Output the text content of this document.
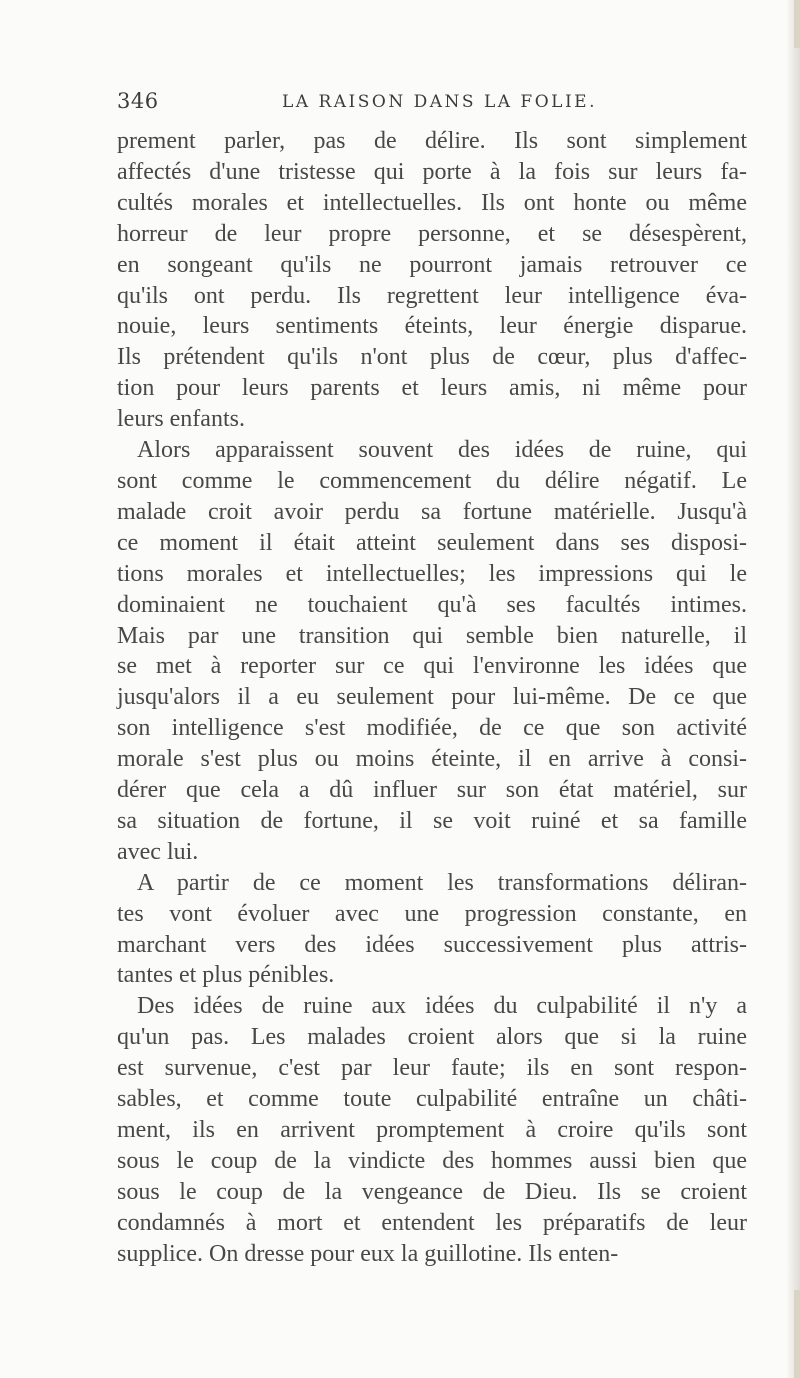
346	LA RAISON DANS LA FOLIE.

prement parler, pas de délire. Ils sont simplement
affectés d'une tristesse qui porte à la fois sur leurs fa-
cultés morales et intellectuelles. Ils ont honte ou même
horreur de leur propre personne, et se désespèrent,
en songeant qu'ils ne pourront jamais retrouver ce
qu'ils ont perdu. Ils regrettent leur intelligence éva-
nouie, leurs sentiments éteints, leur énergie disparue.
Ils prétendent qu'ils n'ont plus de cœur, plus d'affec-
tion pour leurs parents et leurs amis, ni même pour
leurs enfants.

Alors apparaissent souvent des idées de ruine, qui
sont comme le commencement du délire négatif. Le
malade croit avoir perdu sa fortune matérielle. Jusqu'à
ce moment il était atteint seulement dans ses disposi-
tions morales et intellectuelles; les impressions qui le
dominaient ne touchaient qu'à ses facultés intimes.
Mais par une transition qui semble bien naturelle, il
se met à reporter sur ce qui l'environne les idées que
jusqu'alors il a eu seulement pour lui-même. De ce que
son intelligence s'est modifiée, de ce que son activité
morale s'est plus ou moins éteinte, il en arrive à consi-
dérer que cela a dû influer sur son état matériel, sur
sa situation de fortune, il se voit ruiné et sa famille
avec lui.

A partir de ce moment les transformations déliran-
tes vont évoluer avec une progression constante, en
marchant vers des idées successivement plus attris-
tantes et plus pénibles.

Des idées de ruine aux idées du culpabilité il n'y a
qu'un pas. Les malades croient alors que si la ruine
est survenue, c'est par leur faute; ils en sont respon-
sables, et comme toute culpabilité entraîne un châti-
ment, ils en arrivent promptement à croire qu'ils sont
sous le coup de la vindicte des hommes aussi bien que
sous le coup de la vengeance de Dieu. Ils se croient
condamnés à mort et entendent les préparatifs de leur
supplice. On dresse pour eux la guillotine. Ils enten-
